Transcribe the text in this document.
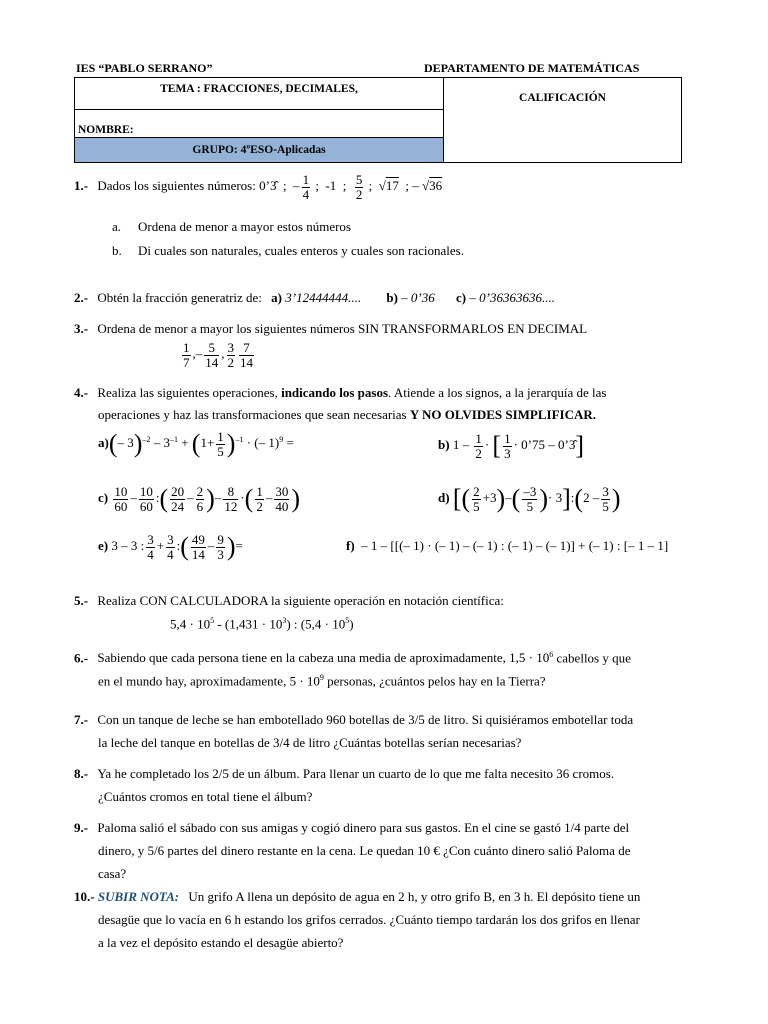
IES “PABLO SERRANO”	DEPARTAMENTO DE MATEMÁTICAS
TEMA : FRACCIONES, DECIMALES,	CALIFICACIÓN
NOMBRE:
GRUPO: 4ºESO-Aplicadas
1.- Dados los siguientes números: 0’3̂  ;  – $\frac{1}{4}$ ;  -1  ; $\frac{5}{2}$ ;  √17  ; – √36
a. Ordena de menor a mayor estos números
b. Di cuales son naturales, cuales enteros y cuales son racionales.
2.- Obtén la fracción generatriz de: a) 3’12444444.... b) – 0’36 c) – 0’36363636....
3.- Ordena de menor a mayor los siguientes números SIN TRANSFORMARLOS EN DECIMAL
$\frac{1}{7}$ ,– $\frac{5}{14}$ , $\frac{3}{2} \frac{7}{14}$
4.- Realiza las siguientes operaciones, indicando los pasos. Atiende a los signos, a la jerarquía de las
operaciones y haz las transformaciones que sean necesarias Y NO OLVIDES SIMPLIFICAR.
a)(– $3)^{-2} - 3^{-1} + (1+ \frac{1}{5} )^{-1}$ · (– 1)$^9$ =	b) $1 - \frac{1}{2}$ · [ $\frac{1}{3}$ · 0’75 – 0’3̂]
$c) \frac{10}{60} - \frac{10}{60}$ :( $\frac{20}{24} - \frac{2}{6}$ )– $\frac{8}{12}$ ·( $\frac{1}{2} - \frac{30}{40}$ )	d) [( $\frac{2}{5} +3)-( \frac{-3}{5}$ )· 3]:(2 – $\frac{3}{5}$ )
e) 3 – 3 : $\frac{3}{4} + \frac{3}{4}$ :( $\frac{49}{14} - \frac{9}{3}$ )=	f)  – 1 – [[(– 1) · (– 1) – (– 1) : (– 1) – (– 1)] + (– 1) : [– 1 – 1]
5.- Realiza CON CALCULADORA la siguiente operación en notación científica:
$5,4 \cdot 10^5 - (1,431 \cdot 10^3)$ : $(5,4 \cdot 10^5)$
6.- Sabiendo que cada persona tiene en la cabeza una media de aproximadamente, $1,5 \cdot 10^6$ cabellos y que
en el mundo hay, aproximadamente, $5 \cdot 10^9$ personas, ¿cuántos pelos hay en la Tierra?
7.- Con un tanque de leche se han embotellado 960 botellas de 3/5 de litro. Si quisiéramos embotellar toda
la leche del tanque en botellas de 3/4 de litro ¿Cuántas botellas serían necesarias?
8.- Ya he completado los 2/5 de un álbum. Para llenar un cuarto de lo que me falta necesito 36 cromos.
¿Cuántos cromos en total tiene el álbum?
9.- Paloma salió el sábado con sus amigas y cogió dinero para sus gastos. En el cine se gastó 1/4 parte del
dinero, y 5/6 partes del dinero restante en la cena. Le quedan 10 € ¿Con cuánto dinero salió Paloma de
casa?
10.- SUBIR NOTA: Un grifo A llena un depósito de agua en 2 h, y otro grifo B, en 3 h. El depósito tiene un
desagüe que lo vacía en 6 h estando los grifos cerrados. ¿Cuánto tiempo tardarán los dos grifos en llenar
a la vez el depósito estando el desagüe abierto?
